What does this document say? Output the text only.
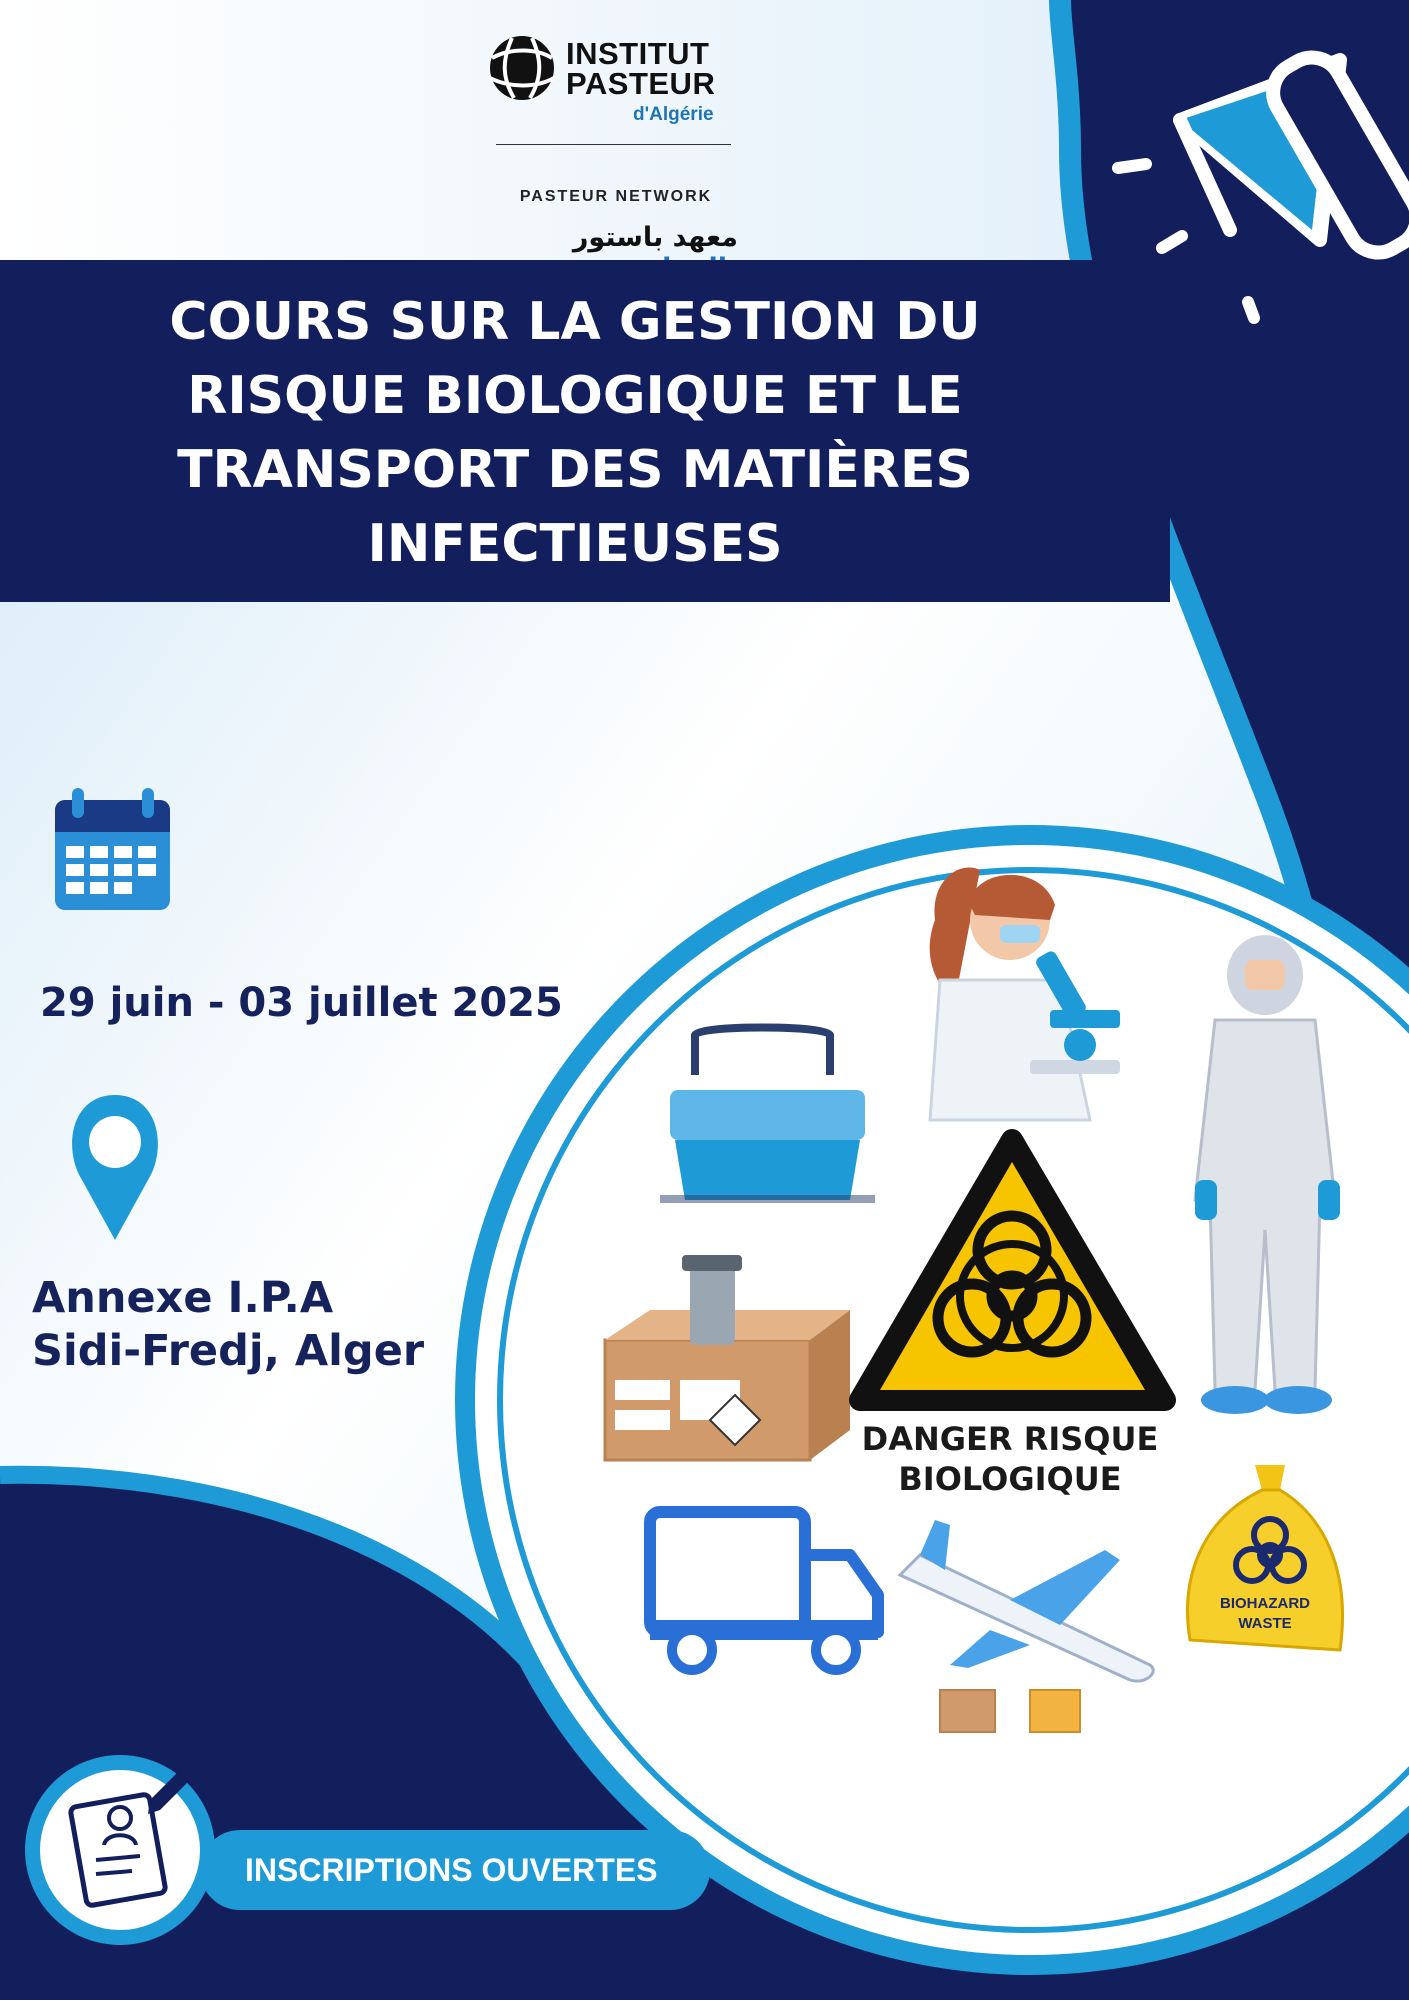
INSTITUT
PASTEUR
d'Algérie
PASTEUR NETWORK
معهد باستور
COURS SUR LA GESTION DU RISQUE BIOLOGIQUE ET LE TRANSPORT DES MATIÈRES INFECTIEUSES
29 juin - 03 juillet 2025
Annexe I.P.A
Sidi-Fredj, Alger
DANGER RISQUE
BIOLOGIQUE
BIOHAZARD
WASTE
INSCRIPTIONS OUVERTES
